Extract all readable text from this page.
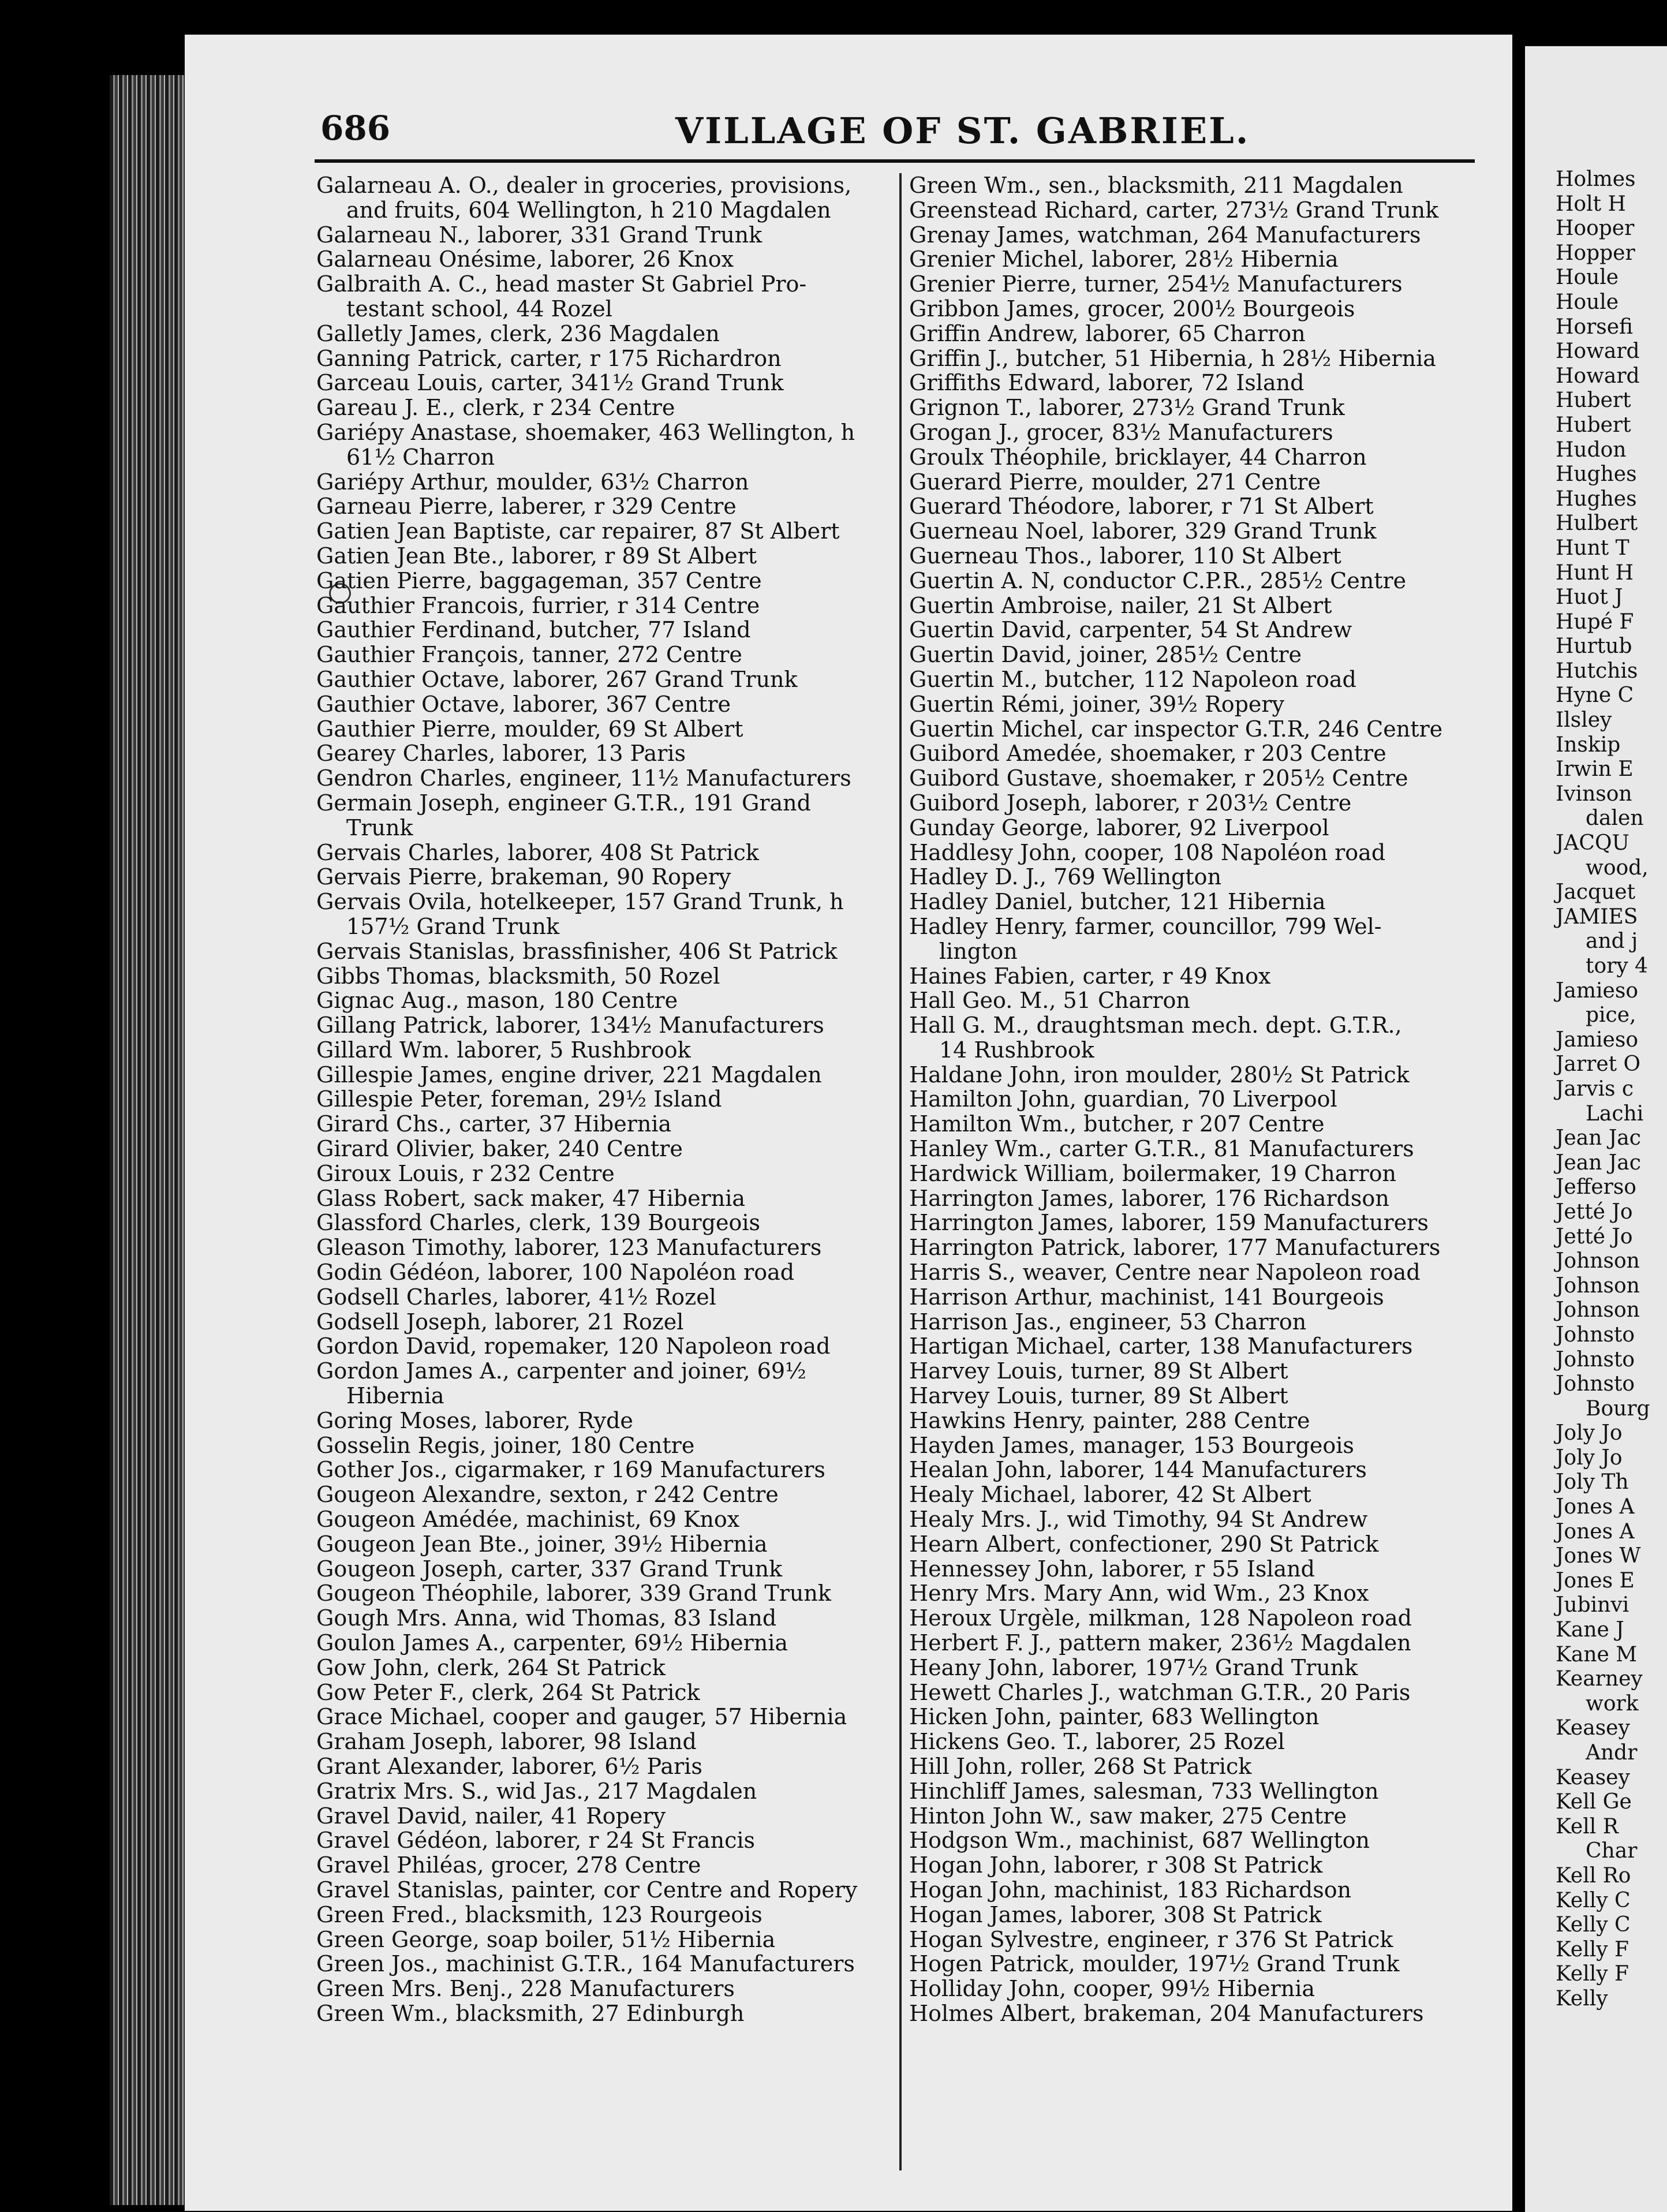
686	VILLAGE OF ST. GABRIEL.
Galarneau A. O., dealer in groceries, provisions,
and fruits, 604 Wellington, h 210 Magdalen
Galarneau N., laborer, 331 Grand Trunk
Galarneau Onésime, laborer, 26 Knox
Galbraith A. C., head master St Gabriel Pro-
testant school, 44 Rozel
Galletly James, clerk, 236 Magdalen
Ganning Patrick, carter, r 175 Richardron
Garceau Louis, carter, 341½ Grand Trunk
Gareau J. E., clerk, r 234 Centre
Gariépy Anastase, shoemaker, 463 Wellington, h
61½ Charron
Gariépy Arthur, moulder, 63½ Charron
Garneau Pierre, laberer, r 329 Centre
Gatien Jean Baptiste, car repairer, 87 St Albert
Gatien Jean Bte., laborer, r 89 St Albert
Gatien Pierre, baggageman, 357 Centre
Gauthier Francois, furrier, r 314 Centre
Gauthier Ferdinand, butcher, 77 Island
Gauthier François, tanner, 272 Centre
Gauthier Octave, laborer, 267 Grand Trunk
Gauthier Octave, laborer, 367 Centre
Gauthier Pierre, moulder, 69 St Albert
Gearey Charles, laborer, 13 Paris
Gendron Charles, engineer, 11½ Manufacturers
Germain Joseph, engineer G.T.R., 191 Grand
Trunk
Gervais Charles, laborer, 408 St Patrick
Gervais Pierre, brakeman, 90 Ropery
Gervais Ovila, hotelkeeper, 157 Grand Trunk, h
157½ Grand Trunk
Gervais Stanislas, brassfinisher, 406 St Patrick
Gibbs Thomas, blacksmith, 50 Rozel
Gignac Aug., mason, 180 Centre
Gillang Patrick, laborer, 134½ Manufacturers
Gillard Wm. laborer, 5 Rushbrook
Gillespie James, engine driver, 221 Magdalen
Gillespie Peter, foreman, 29½ Island
Girard Chs., carter, 37 Hibernia
Girard Olivier, baker, 240 Centre
Giroux Louis, r 232 Centre
Glass Robert, sack maker, 47 Hibernia
Glassford Charles, clerk, 139 Bourgeois
Gleason Timothy, laborer, 123 Manufacturers
Godin Gédéon, laborer, 100 Napoléon road
Godsell Charles, laborer, 41½ Rozel
Godsell Joseph, laborer, 21 Rozel
Gordon David, ropemaker, 120 Napoleon road
Gordon James A., carpenter and joiner, 69½
Hibernia
Goring Moses, laborer, Ryde
Gosselin Regis, joiner, 180 Centre
Gother Jos., cigarmaker, r 169 Manufacturers
Gougeon Alexandre, sexton, r 242 Centre
Gougeon Amédée, machinist, 69 Knox
Gougeon Jean Bte., joiner, 39½ Hibernia
Gougeon Joseph, carter, 337 Grand Trunk
Gougeon Théophile, laborer, 339 Grand Trunk
Gough Mrs. Anna, wid Thomas, 83 Island
Goulon James A., carpenter, 69½ Hibernia
Gow John, clerk, 264 St Patrick
Gow Peter F., clerk, 264 St Patrick
Grace Michael, cooper and gauger, 57 Hibernia
Graham Joseph, laborer, 98 Island
Grant Alexander, laborer, 6½ Paris
Gratrix Mrs. S., wid Jas., 217 Magdalen
Gravel David, nailer, 41 Ropery
Gravel Gédéon, laborer, r 24 St Francis
Gravel Philéas, grocer, 278 Centre
Gravel Stanislas, painter, cor Centre and Ropery
Green Fred., blacksmith, 123 Rourgeois
Green George, soap boiler, 51½ Hibernia
Green Jos., machinist G.T.R., 164 Manufacturers
Green Mrs. Benj., 228 Manufacturers
Green Wm., blacksmith, 27 Edinburgh
Green Wm., sen., blacksmith, 211 Magdalen
Greenstead Richard, carter, 273½ Grand Trunk
Grenay James, watchman, 264 Manufacturers
Grenier Michel, laborer, 28½ Hibernia
Grenier Pierre, turner, 254½ Manufacturers
Gribbon James, grocer, 200½ Bourgeois
Griffin Andrew, laborer, 65 Charron
Griffin J., butcher, 51 Hibernia, h 28½ Hibernia
Griffiths Edward, laborer, 72 Island
Grignon T., laborer, 273½ Grand Trunk
Grogan J., grocer, 83½ Manufacturers
Groulx Théophile, bricklayer, 44 Charron
Guerard Pierre, moulder, 271 Centre
Guerard Théodore, laborer, r 71 St Albert
Guerneau Noel, laborer, 329 Grand Trunk
Guerneau Thos., laborer, 110 St Albert
Guertin A. N, conductor C.P.R., 285½ Centre
Guertin Ambroise, nailer, 21 St Albert
Guertin David, carpenter, 54 St Andrew
Guertin David, joiner, 285½ Centre
Guertin M., butcher, 112 Napoleon road
Guertin Rémi, joiner, 39½ Ropery
Guertin Michel, car inspector G.T.R, 246 Centre
Guibord Amedée, shoemaker, r 203 Centre
Guibord Gustave, shoemaker, r 205½ Centre
Guibord Joseph, laborer, r 203½ Centre
Gunday George, laborer, 92 Liverpool
Haddlesy John, cooper, 108 Napoléon road
Hadley D. J., 769 Wellington
Hadley Daniel, butcher, 121 Hibernia
Hadley Henry, farmer, councillor, 799 Wel-
lington
Haines Fabien, carter, r 49 Knox
Hall Geo. M., 51 Charron
Hall G. M., draughtsman mech. dept. G.T.R.,
14 Rushbrook
Haldane John, iron moulder, 280½ St Patrick
Hamilton John, guardian, 70 Liverpool
Hamilton Wm., butcher, r 207 Centre
Hanley Wm., carter G.T.R., 81 Manufacturers
Hardwick William, boilermaker, 19 Charron
Harrington James, laborer, 176 Richardson
Harrington James, laborer, 159 Manufacturers
Harrington Patrick, laborer, 177 Manufacturers
Harris S., weaver, Centre near Napoleon road
Harrison Arthur, machinist, 141 Bourgeois
Harrison Jas., engineer, 53 Charron
Hartigan Michael, carter, 138 Manufacturers
Harvey Louis, turner, 89 St Albert
Harvey Louis, turner, 89 St Albert
Hawkins Henry, painter, 288 Centre
Hayden James, manager, 153 Bourgeois
Healan John, laborer, 144 Manufacturers
Healy Michael, laborer, 42 St Albert
Healy Mrs. J., wid Timothy, 94 St Andrew
Hearn Albert, confectioner, 290 St Patrick
Hennessey John, laborer, r 55 Island
Henry Mrs. Mary Ann, wid Wm., 23 Knox
Heroux Urgèle, milkman, 128 Napoleon road
Herbert F. J., pattern maker, 236½ Magdalen
Heany John, laborer, 197½ Grand Trunk
Hewett Charles J., watchman G.T.R., 20 Paris
Hicken John, painter, 683 Wellington
Hickens Geo. T., laborer, 25 Rozel
Hill John, roller, 268 St Patrick
Hinchliff James, salesman, 733 Wellington
Hinton John W., saw maker, 275 Centre
Hodgson Wm., machinist, 687 Wellington
Hogan John, laborer, r 308 St Patrick
Hogan John, machinist, 183 Richardson
Hogan James, laborer, 308 St Patrick
Hogan Sylvestre, engineer, r 376 St Patrick
Hogen Patrick, moulder, 197½ Grand Trunk
Holliday John, cooper, 99½ Hibernia
Holmes Albert, brakeman, 204 Manufacturers
Holmes
Holt H
Hooper
Hopper
Houle
Houle
Horsefi
Howard
Howard
Hubert
Hubert
Hudon
Hughes
Hughes
Hulbert
Hunt T
Hunt H
Huot J
Hupé F
Hurtub
Hutchis
Hyne C
Ilsley
Inskip
Irwin E
Ivinson
dalen
JACQU
wood,
Jacquet
JAMIES
and j
tory 4
Jamieso
pice,
Jamieso
Jarret O
Jarvis c
Lachi
Jean Jac
Jean Jac
Jefferso
Jetté Jo
Jetté Jo
Johnson
Johnson
Johnson
Johnsto
Johnsto
Johnsto
Bourg
Joly Jo
Joly Jo
Joly Th
Jones A
Jones A
Jones W
Jones E
Jubinvi
Kane J
Kane M
Kearney
work
Keasey
Andr
Keasey
Kell Ge
Kell R
Char
Kell Ro
Kelly C
Kelly C
Kelly F
Kelly F
Kelly
